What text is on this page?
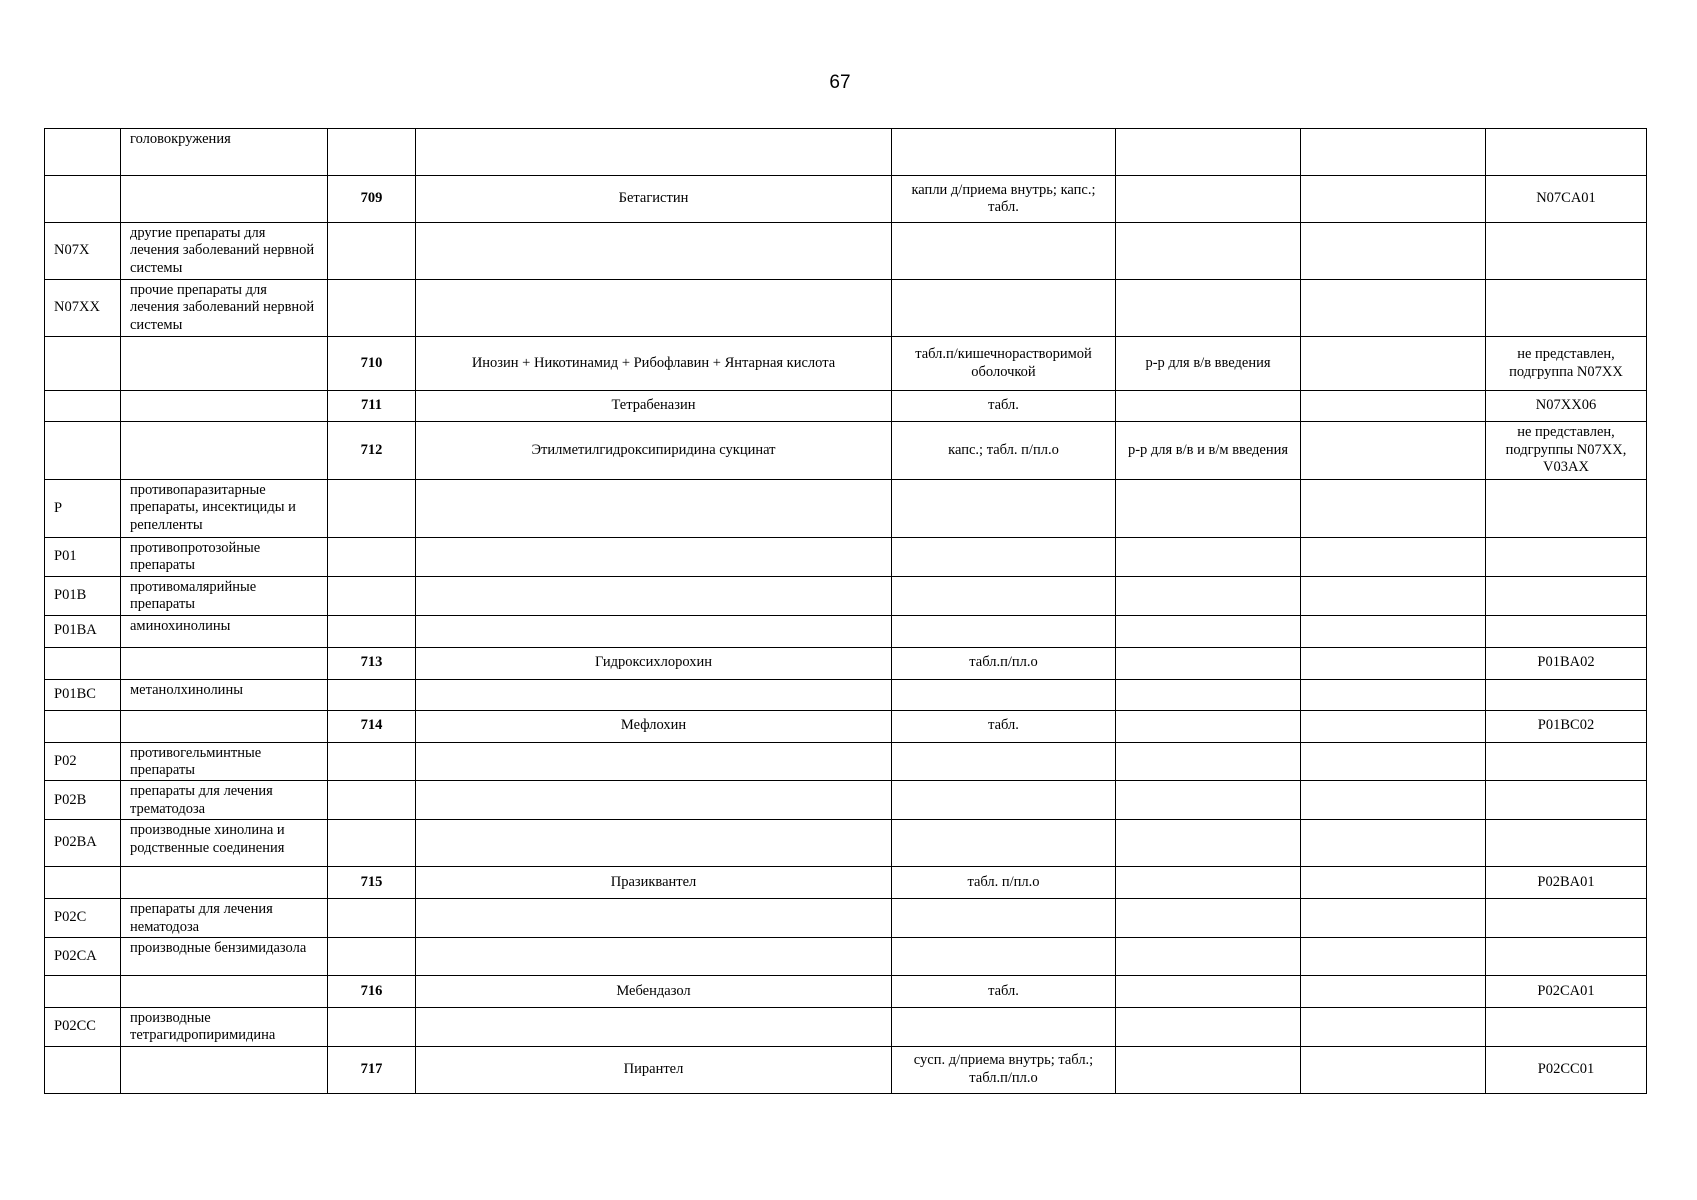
67
	головокружения						
		709	Бетагистин	капли д/приема внутрь; капс.; табл.			N07CA01
N07X	другие препараты для лечения заболеваний нервной системы						
N07XX	прочие препараты для лечения заболеваний нервной системы						
		710	Инозин + Никотинамид + Рибофлавин + Янтарная кислота	табл.п/кишечнорастворимой оболочкой	р-р для в/в введения		не представлен, подгруппа N07XX
		711	Тетрабеназин	табл.			N07XX06
		712	Этилметилгидроксипиридина сукцинат	капс.; табл. п/пл.о	р-р для в/в и в/м введения		не представлен, подгруппы N07XX, V03AX
P	противопаразитарные препараты, инсектициды и репелленты						
P01	противопротозойные препараты						
P01B	противомалярийные препараты						
P01BA	аминохинолины						
		713	Гидроксихлорохин	табл.п/пл.о			P01BA02
P01BC	метанолхинолины						
		714	Мефлохин	табл.			P01BC02
P02	противогельминтные препараты						
P02B	препараты для лечения трематодоза						
P02BA	производные хинолина и родственные соединения						
		715	Празиквантел	табл. п/пл.о			P02BA01
P02C	препараты для лечения нематодоза						
P02CA	производные бензимидазола						
		716	Мебендазол	табл.			P02CA01
P02CC	производные тетрагидропиримидина						
		717	Пирантел	сусп. д/приема внутрь; табл.; табл.п/пл.о			P02CC01
